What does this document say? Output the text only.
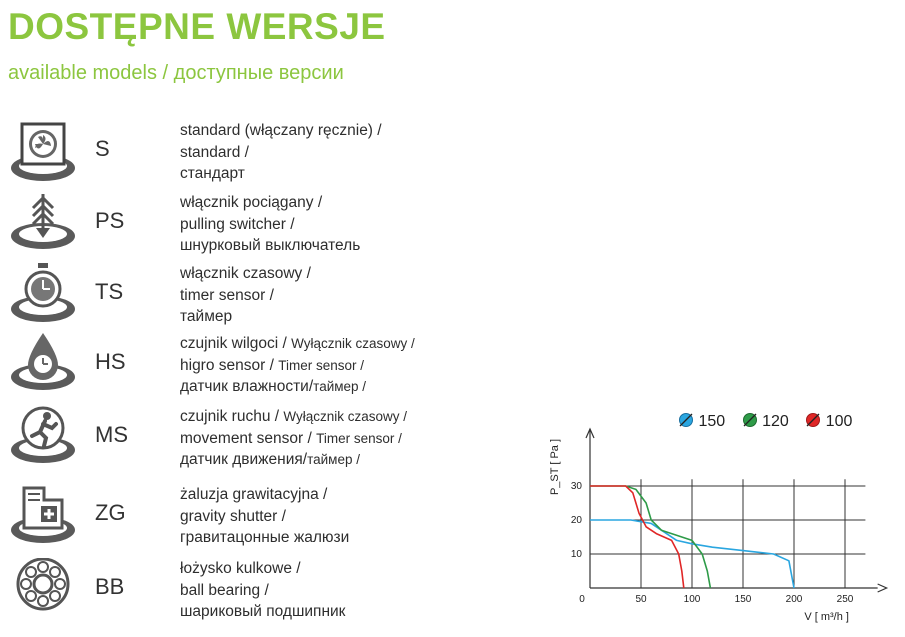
DOSTĘPNE WERSJE
available models / доступные версии
S
standard (włączany ręcznie) /
standard /
стандарт
PS
włącznik pociągany /
pulling switcher /
шнурковый выключатель
TS
włącznik czasowy /
timer sensor /
таймер
HS
czujnik wilgoci / Wyłącznik czasowy /
higro sensor / Timer sensor /
датчик влажности/таймер /
MS
czujnik ruchu / Wyłącznik czasowy /
movement sensor / Timer sensor /
датчик движения/таймер /
ZG
żaluzja grawitacyjna /
gravity shutter /
гравитацонные жалюзи
BB
łożysko kulkowe /
ball bearing /
шариковый подшипник
150 120 100
0	50	100	150	200	250
10
20
30
V [ m³/h ]
P_ST [ Pa ]
